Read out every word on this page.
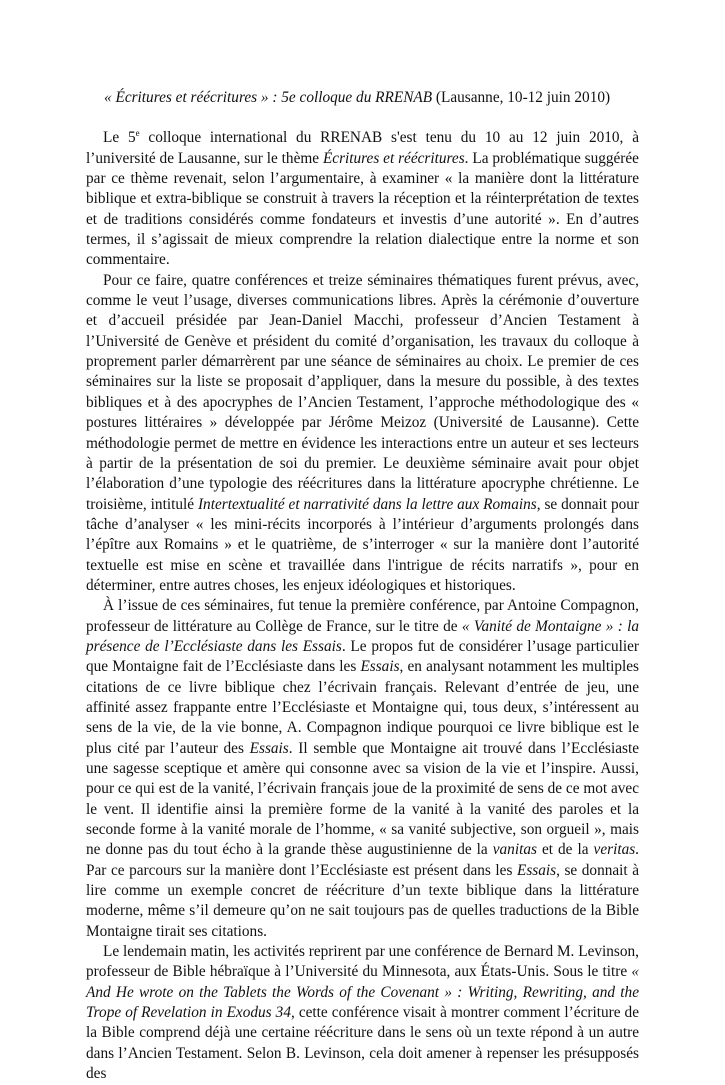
« Écritures et réécritures » : 5e colloque du RRENAB (Lausanne, 10-12 juin 2010)

Le 5e colloque international du RRENAB s'est tenu du 10 au 12 juin 2010, à l’université de Lausanne, sur le thème Écritures et réécritures. La problématique suggérée par ce thème revenait, selon l’argumentaire, à examiner « la manière dont la littérature biblique et extra-biblique se construit à travers la réception et la réinterprétation de textes et de traditions considérés comme fondateurs et investis d’une autorité ». En d’autres termes, il s’agissait de mieux comprendre la relation dialectique entre la norme et son commentaire.

Pour ce faire, quatre conférences et treize séminaires thématiques furent prévus, avec, comme le veut l’usage, diverses communications libres. Après la cérémonie d’ouverture et d’accueil présidée par Jean-Daniel Macchi, professeur d’Ancien Testament à l’Université de Genève et président du comité d’organisation, les travaux du colloque à proprement parler démarrèrent par une séance de séminaires au choix. Le premier de ces séminaires sur la liste se proposait d’appliquer, dans la mesure du possible, à des textes bibliques et à des apocryphes de l’Ancien Testament, l’approche méthodologique des « postures littéraires » développée par Jérôme Meizoz (Université de Lausanne). Cette méthodologie permet de mettre en évidence les interactions entre un auteur et ses lecteurs à partir de la présentation de soi du premier. Le deuxième séminaire avait pour objet l’élaboration d’une typologie des réécritures dans la littérature apocryphe chrétienne. Le troisième, intitulé Intertextualité et narrativité dans la lettre aux Romains, se donnait pour tâche d’analyser « les mini-récits incorporés à l’intérieur d’arguments prolongés dans l’épître aux Romains » et le quatrième, de s’interroger « sur la manière dont l’autorité textuelle est mise en scène et travaillée dans l'intrigue de récits narratifs », pour en déterminer, entre autres choses, les enjeux idéologiques et historiques.

À l’issue de ces séminaires, fut tenue la première conférence, par Antoine Compagnon, professeur de littérature au Collège de France, sur le titre de « Vanité de Montaigne » : la présence de l’Ecclésiaste dans les Essais. Le propos fut de considérer l’usage particulier que Montaigne fait de l’Ecclésiaste dans les Essais, en analysant notamment les multiples citations de ce livre biblique chez l’écrivain français. Relevant d’entrée de jeu, une affinité assez frappante entre l’Ecclésiaste et Montaigne qui, tous deux, s’intéressent au sens de la vie, de la vie bonne, A. Compagnon indique pourquoi ce livre biblique est le plus cité par l’auteur des Essais. Il semble que Montaigne ait trouvé dans l’Ecclésiaste une sagesse sceptique et amère qui consonne avec sa vision de la vie et l’inspire. Aussi, pour ce qui est de la vanité, l’écrivain français joue de la proximité de sens de ce mot avec le vent. Il identifie ainsi la première forme de la vanité à la vanité des paroles et la seconde forme à la vanité morale de l’homme, « sa vanité subjective, son orgueil », mais ne donne pas du tout écho à la grande thèse augustinienne de la vanitas et de la veritas. Par ce parcours sur la manière dont l’Ecclésiaste est présent dans les Essais, se donnait à lire comme un exemple concret de réécriture d’un texte biblique dans la littérature moderne, même s’il demeure qu’on ne sait toujours pas de quelles traductions de la Bible Montaigne tirait ses citations.

Le lendemain matin, les activités reprirent par une conférence de Bernard M. Levinson, professeur de Bible hébraïque à l’Université du Minnesota, aux États-Unis. Sous le titre « And He wrote on the Tablets the Words of the Covenant » : Writing, Rewriting, and the Trope of Revelation in Exodus 34, cette conférence visait à montrer comment l’écriture de la Bible comprend déjà une certaine réécriture dans le sens où un texte répond à un autre dans l’Ancien Testament. Selon B. Levinson, cela doit amener à repenser les présupposés des
